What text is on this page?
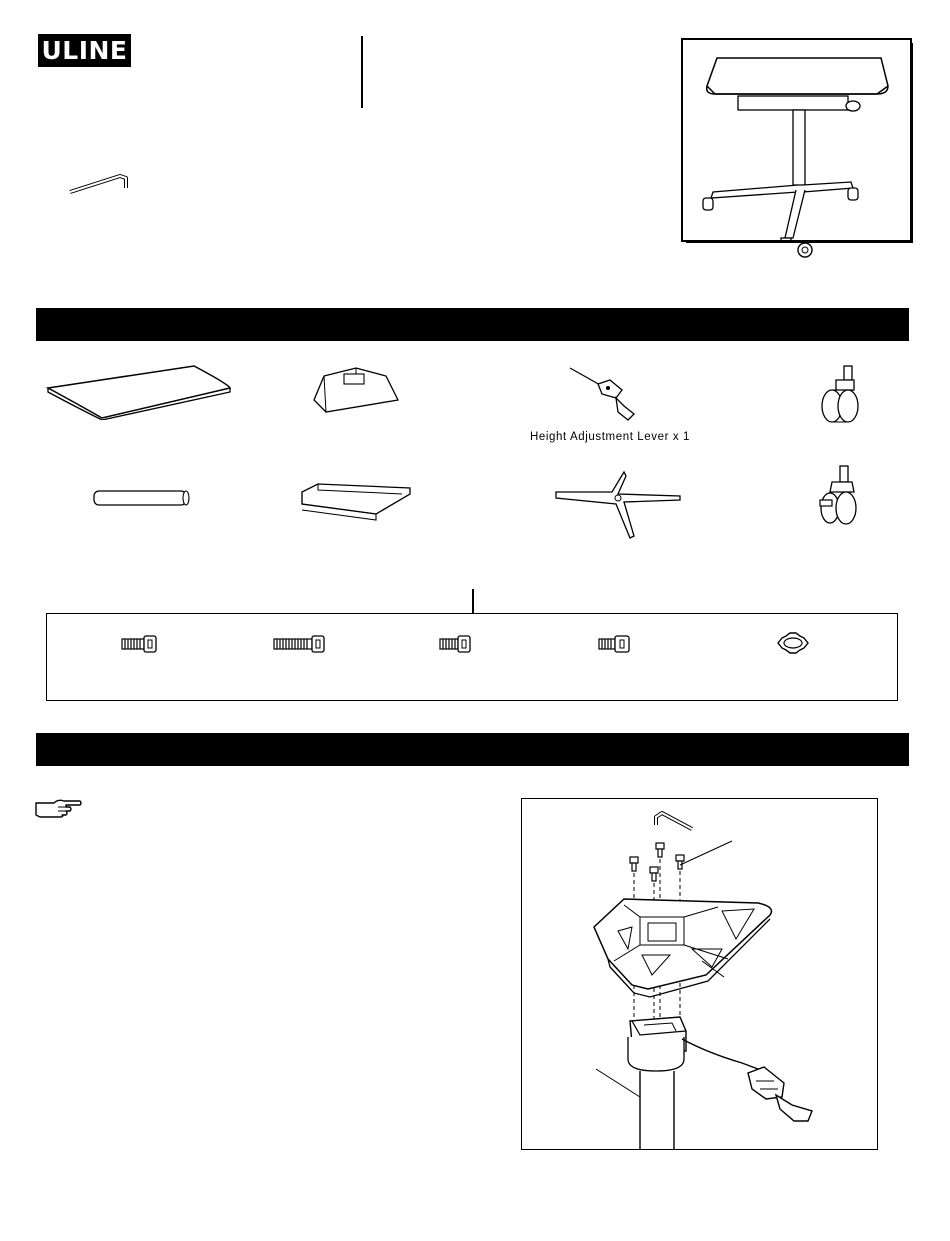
ULINE
Height Adjustment Lever x 1
